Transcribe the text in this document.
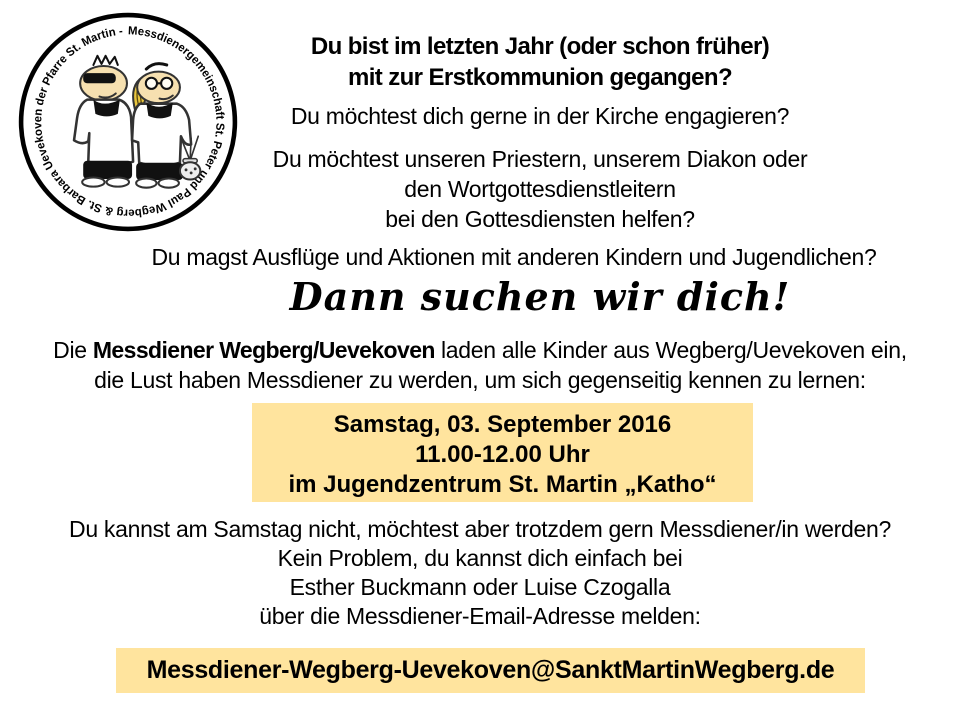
Messdienergemeinschaft St. Peter und Paul Wegberg & St. Barbara Uevekoven der Pfarre St. Martin -
Du bist im letzten Jahr (oder schon früher)
mit zur Erstkommunion gegangen?
Du möchtest dich gerne in der Kirche engagieren?
Du möchtest unseren Priestern, unserem Diakon oder
den Wortgottesdienstleitern
bei den Gottesdiensten helfen?
Du magst Ausflüge und Aktionen mit anderen Kindern und Jugendlichen?
Dann suchen wir dich!
Die Messdiener Wegberg/Uevekoven laden alle Kinder aus Wegberg/Uevekoven ein,
die Lust haben Messdiener zu werden, um sich gegenseitig kennen zu lernen:
Samstag, 03. September 2016
11.00-12.00 Uhr
im Jugendzentrum St. Martin „Katho“
Du kannst am Samstag nicht, möchtest aber trotzdem gern Messdiener/in werden?
Kein Problem, du kannst dich einfach bei
Esther Buckmann oder Luise Czogalla
über die Messdiener-Email-Adresse melden:
Messdiener-Wegberg-Uevekoven@SanktMartinWegberg.de
